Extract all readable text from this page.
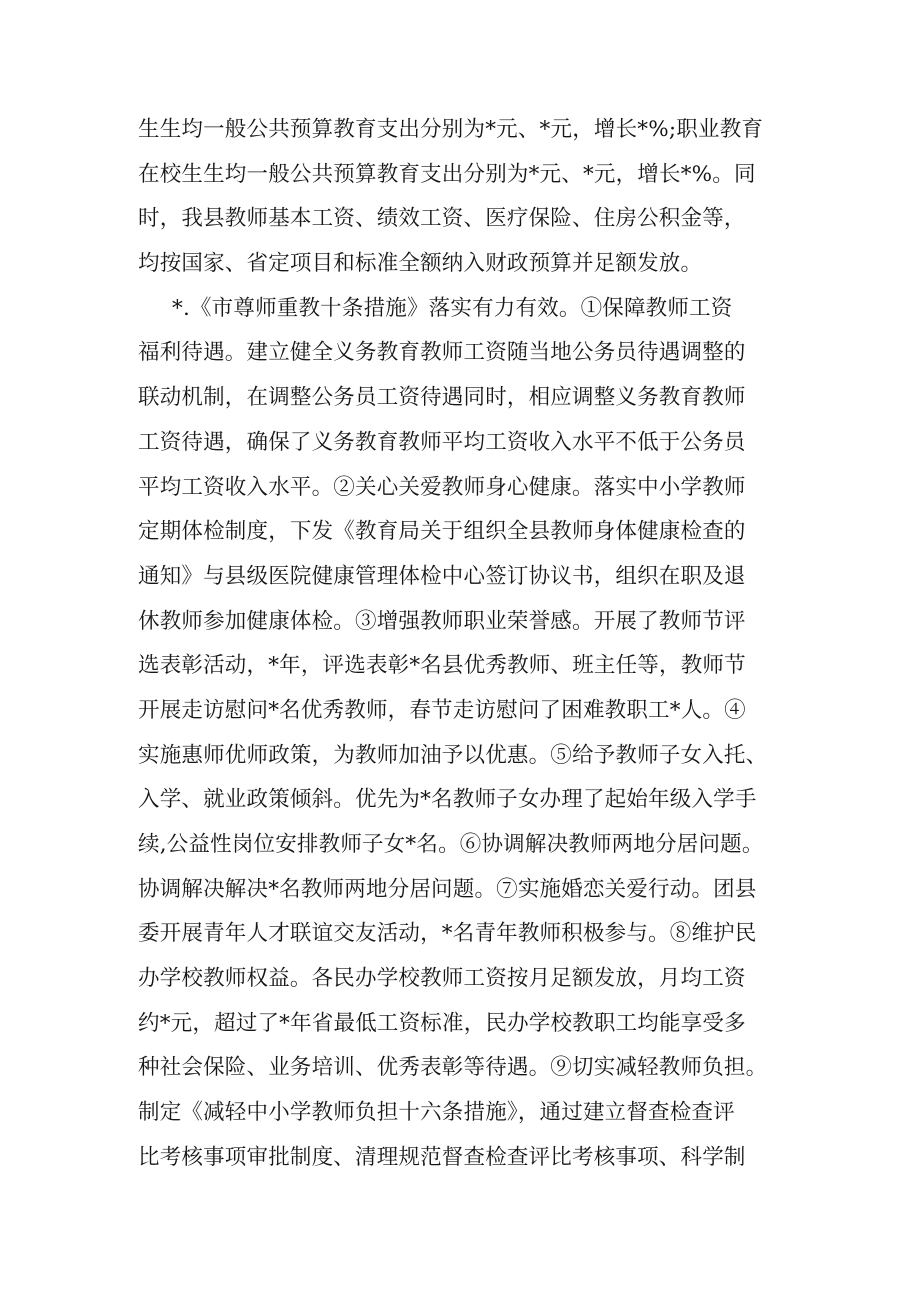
生生均一般公共预算教育支出分别为*元、*元，增长*%;职业教育
在校生生均一般公共预算教育支出分别为*元、*元，增长*%。同
时，我县教师基本工资、绩效工资、医疗保险、住房公积金等，
均按国家、省定项目和标准全额纳入财政预算并足额发放。
*.《市尊师重教十条措施》落实有力有效。①保障教师工资
福利待遇。建立健全义务教育教师工资随当地公务员待遇调整的
联动机制，在调整公务员工资待遇同时，相应调整义务教育教师
工资待遇，确保了义务教育教师平均工资收入水平不低于公务员
平均工资收入水平。②关心关爱教师身心健康。落实中小学教师
定期体检制度，下发《教育局关于组织全县教师身体健康检查的
通知》与县级医院健康管理体检中心签订协议书，组织在职及退
休教师参加健康体检。③增强教师职业荣誉感。开展了教师节评
选表彰活动，*年，评选表彰*名县优秀教师、班主任等，教师节
开展走访慰问*名优秀教师，春节走访慰问了困难教职工*人。④
实施惠师优师政策，为教师加油予以优惠。⑤给予教师子女入托、
入学、就业政策倾斜。优先为*名教师子女办理了起始年级入学手
续,公益性岗位安排教师子女*名。⑥协调解决教师两地分居问题。
协调解决解决*名教师两地分居问题。⑦实施婚恋关爱行动。团县
委开展青年人才联谊交友活动，*名青年教师积极参与。⑧维护民
办学校教师权益。各民办学校教师工资按月足额发放，月均工资
约*元，超过了*年省最低工资标准，民办学校教职工均能享受多
种社会保险、业务培训、优秀表彰等待遇。⑨切实减轻教师负担。
制定《减轻中小学教师负担十六条措施》，通过建立督查检查评
比考核事项审批制度、清理规范督查检查评比考核事项、科学制
